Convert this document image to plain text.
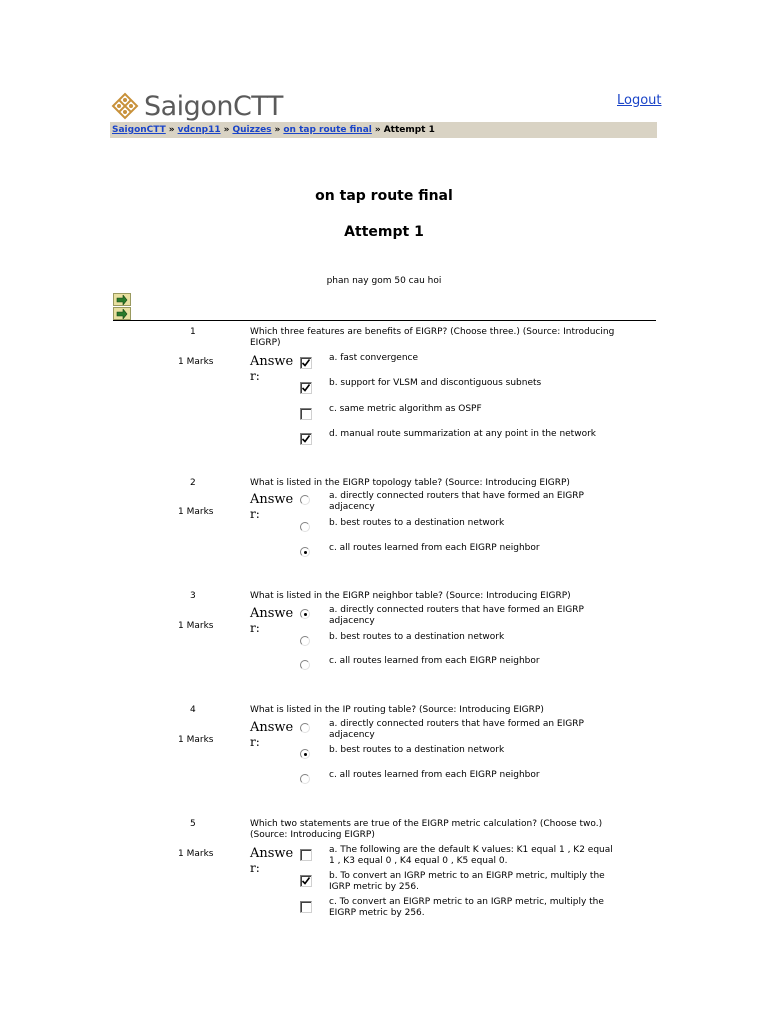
SaigonCTT	Logout
SaigonCTT » vdcnp11 » Quizzes » on tap route final » Attempt 1
on tap route final
Attempt 1
phan nay gom 50 cau hoi
1	Which three features are benefits of EIGRP? (Choose three.) (Source: Introducing EIGRP)
1 Marks	Answe
r:
a. fast convergence
b. support for VLSM and discontiguous subnets
c. same metric algorithm as OSPF
d. manual route summarization at any point in the network
2	What is listed in the EIGRP topology table? (Source: Introducing EIGRP)
1 Marks
Answe
r:
a. directly connected routers that have formed an EIGRP adjacency
b. best routes to a destination network
c. all routes learned from each EIGRP neighbor
3	What is listed in the EIGRP neighbor table? (Source: Introducing EIGRP)
1 Marks
Answe
r:
a. directly connected routers that have formed an EIGRP adjacency
b. best routes to a destination network
c. all routes learned from each EIGRP neighbor
4	What is listed in the IP routing table? (Source: Introducing EIGRP)
1 Marks
Answe
r:
a. directly connected routers that have formed an EIGRP adjacency
b. best routes to a destination network
c. all routes learned from each EIGRP neighbor
5	Which two statements are true of the EIGRP metric calculation? (Choose two.) (Source: Introducing EIGRP)
1 Marks	Answe
r:
a. The following are the default K values: K1 equal 1 , K2 equal 1 , K3 equal 0 , K4 equal 0 , K5 equal 0.
b. To convert an IGRP metric to an EIGRP metric, multiply the IGRP metric by 256.
c. To convert an EIGRP metric to an IGRP metric, multiply the EIGRP metric by 256.
